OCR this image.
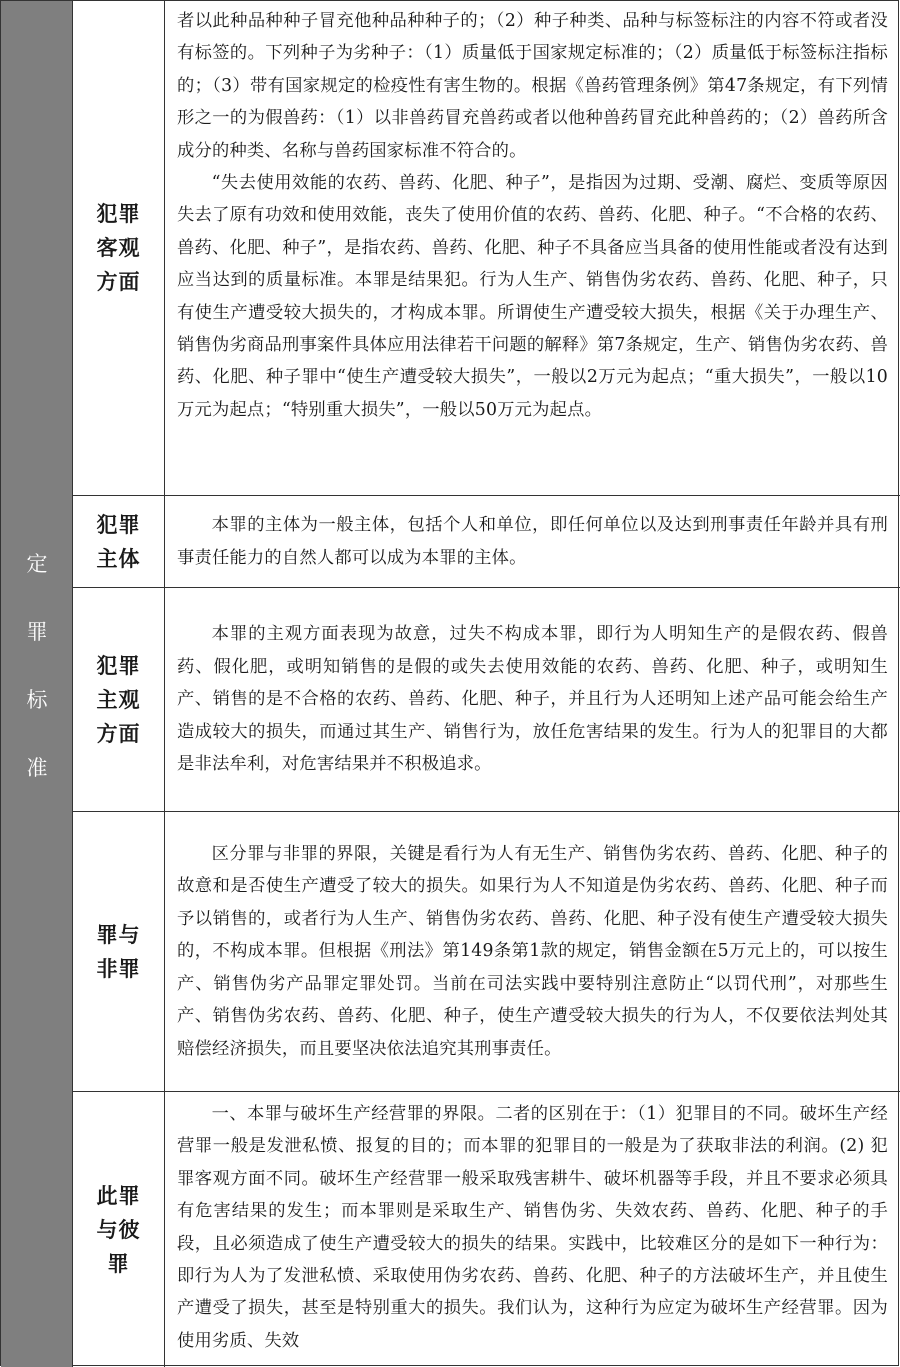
定
罪
标
准
犯罪客观方面

者以此种品种种子冒充他种品种种子的；（2）种子种类、品种与标签标注的内容不符或者没有标签的。下列种子为劣种子：（1）质量低于国家规定标准的；（2）质量低于标签标注指标的；（3）带有国家规定的检疫性有害生物的。根据《兽药管理条例》第47条规定，有下列情形之一的为假兽药：（1）以非兽药冒充兽药或者以他种兽药冒充此种兽药的；（2）兽药所含成分的种类、名称与兽药国家标准不符合的。

“失去使用效能的农药、兽药、化肥、种子”，是指因为过期、受潮、腐烂、变质等原因失去了原有功效和使用效能，丧失了使用价值的农药、兽药、化肥、种子。“不合格的农药、兽药、化肥、种子”，是指农药、兽药、化肥、种子不具备应当具备的使用性能或者没有达到应当达到的质量标准。本罪是结果犯。行为人生产、销售伪劣农药、兽药、化肥、种子，只有使生产遭受较大损失的，才构成本罪。所谓使生产遭受较大损失，根据《关于办理生产、销售伪劣商品刑事案件具体应用法律若干问题的解释》第7条规定，生产、销售伪劣农药、兽药、化肥、种子罪中“使生产遭受较大损失”，一般以2万元为起点；“重大损失”，一般以10万元为起点；“特别重大损失”，一般以50万元为起点。

犯罪主体

本罪的主体为一般主体，包括个人和单位，即任何单位以及达到刑事责任年龄并具有刑事责任能力的自然人都可以成为本罪的主体。

犯罪主观方面

本罪的主观方面表现为故意，过失不构成本罪，即行为人明知生产的是假农药、假兽药、假化肥，或明知销售的是假的或失去使用效能的农药、兽药、化肥、种子，或明知生产、销售的是不合格的农药、兽药、化肥、种子，并且行为人还明知上述产品可能会给生产造成较大的损失，而通过其生产、销售行为，放任危害结果的发生。行为人的犯罪目的大都是非法牟利，对危害结果并不积极追求。

罪与非罪

区分罪与非罪的界限，关键是看行为人有无生产、销售伪劣农药、兽药、化肥、种子的故意和是否使生产遭受了较大的损失。如果行为人不知道是伪劣农药、兽药、化肥、种子而予以销售的，或者行为人生产、销售伪劣农药、兽药、化肥、种子没有使生产遭受较大损失的，不构成本罪。但根据《刑法》第149条第1款的规定，销售金额在5万元上的，可以按生产、销售伪劣产品罪定罪处罚。当前在司法实践中要特别注意防止“以罚代刑”，对那些生产、销售伪劣农药、兽药、化肥、种子，使生产遭受较大损失的行为人，不仅要依法判处其赔偿经济损失，而且要坚决依法追究其刑事责任。

此罪与彼罪

一、本罪与破坏生产经营罪的界限。二者的区别在于：（1）犯罪目的不同。破坏生产经营罪一般是发泄私愤、报复的目的；而本罪的犯罪目的一般是为了获取非法的利润。(2) 犯罪客观方面不同。破坏生产经营罪一般采取残害耕牛、破坏机器等手段，并且不要求必须具有危害结果的发生；而本罪则是采取生产、销售伪劣、失效农药、兽药、化肥、种子的手段，且必须造成了使生产遭受较大的损失的结果。实践中，比较难区分的是如下一种行为：即行为人为了发泄私愤、采取使用伪劣农药、兽药、化肥、种子的方法破坏生产，并且使生产遭受了损失，甚至是特别重大的损失。我们认为，这种行为应定为破坏生产经营罪。因为使用劣质、失效
